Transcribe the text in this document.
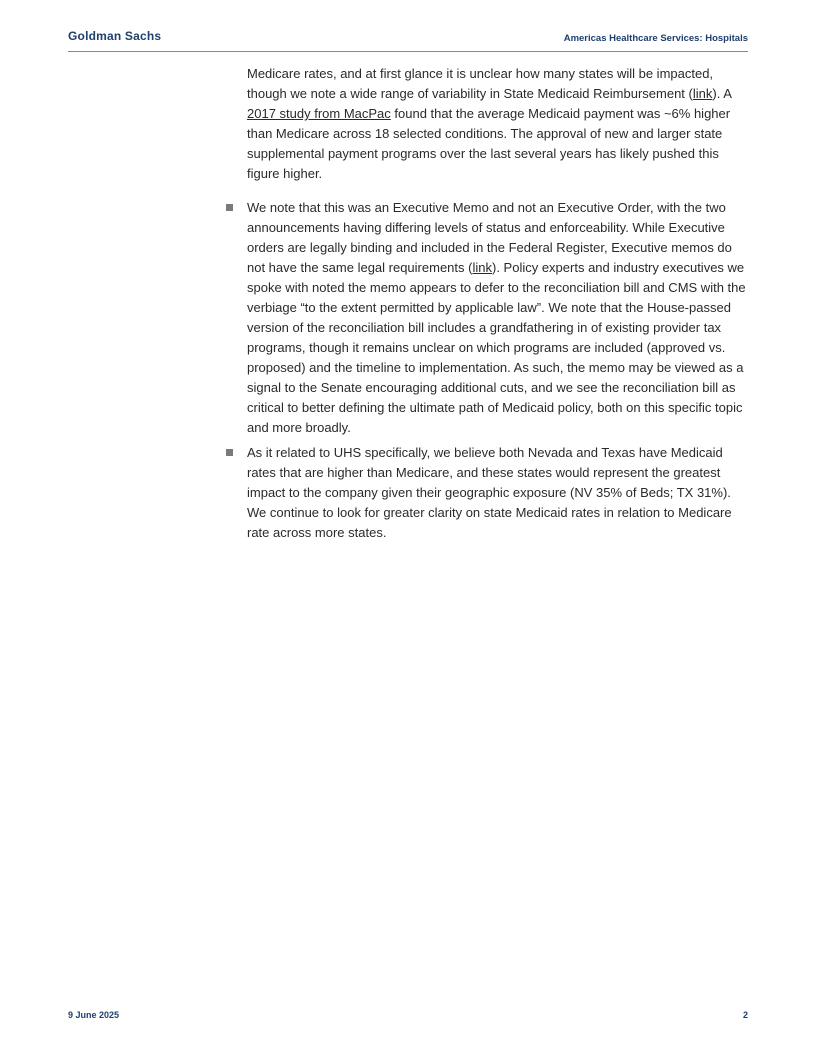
Goldman Sachs	Americas Healthcare Services: Hospitals

Medicare rates, and at first glance it is unclear how many states will be impacted, though we note a wide range of variability in State Medicaid Reimbursement (link). A 2017 study from MacPac found that the average Medicaid payment was ~6% higher than Medicare across 18 selected conditions. The approval of new and larger state supplemental payment programs over the last several years has likely pushed this figure higher.

We note that this was an Executive Memo and not an Executive Order, with the two announcements having differing levels of status and enforceability. While Executive orders are legally binding and included in the Federal Register, Executive memos do not have the same legal requirements (link). Policy experts and industry executives we spoke with noted the memo appears to defer to the reconciliation bill and CMS with the verbiage “to the extent permitted by applicable law”. We note that the House-passed version of the reconciliation bill includes a grandfathering in of existing provider tax programs, though it remains unclear on which programs are included (approved vs. proposed) and the timeline to implementation. As such, the memo may be viewed as a signal to the Senate encouraging additional cuts, and we see the reconciliation bill as critical to better defining the ultimate path of Medicaid policy, both on this specific topic and more broadly.

As it related to UHS specifically, we believe both Nevada and Texas have Medicaid rates that are higher than Medicare, and these states would represent the greatest impact to the company given their geographic exposure (NV 35% of Beds; TX 31%). We continue to look for greater clarity on state Medicaid rates in relation to Medicare rate across more states.

9 June 2025	2
